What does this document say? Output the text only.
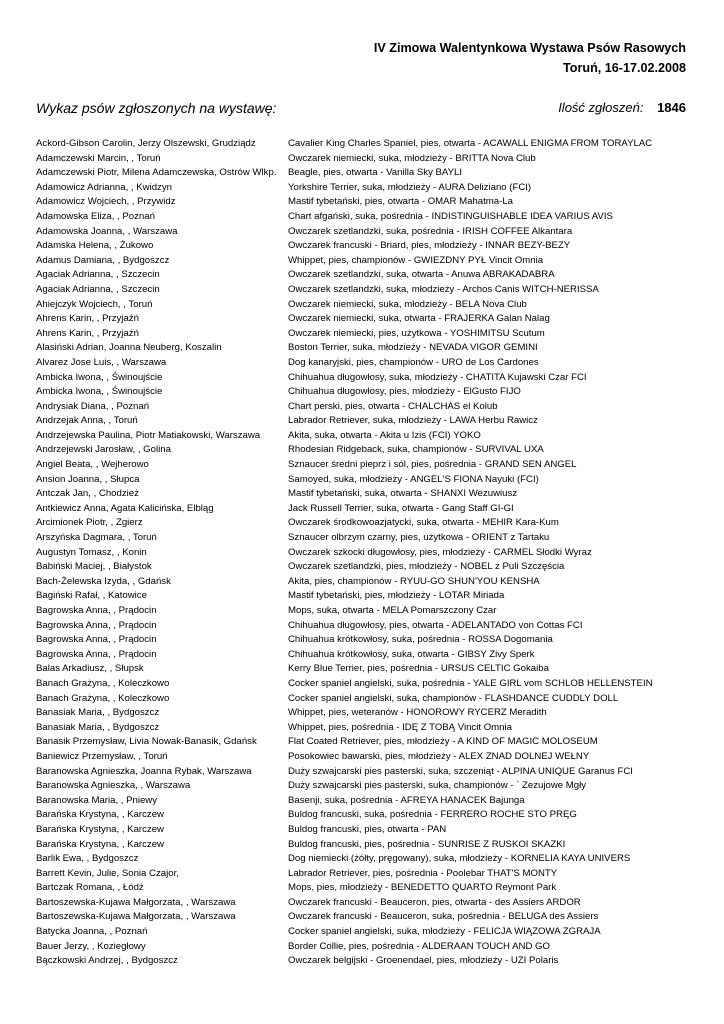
IV Zimowa Walentynkowa Wystawa Psów Rasowych
Toruń, 16-17.02.2008
Wykaz psów zgłoszonych na wystawę:	Ilość zgłoszeń: 1846
Ackord-Gibson Carolin, Jerzy Olszewski, Grudziądz	Cavalier King Charles Spaniel, pies, otwarta - ACAWALL ENIGMA FROM TORAYLAC
Adamczewski Marcin, , Toruń	Owczarek niemiecki, suka, młodzieży - BRITTA Nova Club
Adamczewski Piotr, Milena Adamczewska, Ostrów Wlkp.	Beagle, pies, otwarta - Vanilla Sky BAYLI
Adamowicz Adrianna, , Kwidzyn	Yorkshire Terrier, suka, młodzieży - AURA Deliziano (FCI)
Adamowicz Wojciech, , Przywidz	Mastif tybetański, pies, otwarta - OMAR Mahatma-La
Adamowska Eliza, , Poznań	Chart afgański, suka, pośrednia - INDISTINGUISHABLE IDEA VARIUS AVIS
Adamowska Joanna, , Warszawa	Owczarek szetlandzki, suka, pośrednia - IRISH COFFEE Alkantara
Adamska Helena, , Żukowo	Owczarek francuski - Briard, pies, młodzieży - INNAR BEZY-BEZY
Adamus Damiana, , Bydgoszcz	Whippet, pies, championów - GWIEZDNY PYŁ Vincit Omnia
Agaciak Adrianna, , Szczecin	Owczarek szetlandzki, suka, otwarta - Anuwa ABRAKADABRA
Agaciak Adrianna, , Szczecin	Owczarek szetlandzki, suka, młodzieży - Archos Canis WITCH-NERISSA
Ahiejczyk Wojciech, , Toruń	Owczarek niemiecki, suka, młodzieży - BELA Nova Club
Ahrens Karin, , Przyjaźń	Owczarek niemiecki, suka, otwarta - FRAJERKA Galan Nalag
Ahrens Karin, , Przyjaźń	Owczarek niemiecki, pies, użytkowa - YOSHIMITSU Scutum
Alasiński Adrian, Joanna Neuberg, Koszalin	Boston Terrier, suka, młodzieży - NEVADA VIGOR GEMINI
Alvarez Jose Luis, , Warszawa	Dog kanaryjski, pies, championów - URO de Los Cardones
Ambicka Iwona, , Świnoujście	Chihuahua długowłosy, suka, młodzieży - CHATITA Kujawski Czar FCI
Ambicka Iwona, , Świnoujście	Chihuahua długowłosy, pies, młodzieży - ElGusto FIJO
Andrysiak Diana, , Poznań	Chart perski, pies, otwarta - CHALCHAS el Kolub
Andrzejak Anna, , Toruń	Labrador Retriever, suka, młodzieży - LAWA Herbu Rawicz
Andrzejewska Paulina, Piotr Matiakowski, Warszawa	Akita, suka, otwarta - Akita u Izis (FCI) YOKO
Andrzejewski Jarosław, , Golina	Rhodesian Ridgeback, suka, championów - SURVIVAL UXA
Angiel Beata, , Wejherowo	Sznaucer średni pieprz i sól, pies, pośrednia - GRAND SEN ANGEL
Ansion Joanna, , Słupca	Samoyed, suka, młodzieży - ANGEL'S FIONA Nayuki (FCI)
Antczak Jan, , Chodzież	Mastif tybetański, suka, otwarta - SHANXI Wezuwiusz
Antkiewicz Anna, Agata Kalicińska, Elbląg	Jack Russell Terrier, suka, otwarta - Gang Staff GI-GI
Arcimionek Piotr, , Zgierz	Owczarek środkowoazjatycki, suka, otwarta - MEHIR Kara-Kum
Arszyńska Dagmara, , Toruń	Sznaucer olbrzym czarny, pies, użytkowa - ORIENT z Tartaku
Augustyn Tomasz, , Konin	Owczarek szkocki długowłosy, pies, młodzieży - CARMEL Słodki Wyraz
Babiński Maciej, , Białystok	Owczarek szetlandzki, pies, młodzieży - NOBEL z Puli Szczęścia
Bach-Żelewska Izyda, , Gdańsk	Akita, pies, championów - RYUU-GO SHUN'YOU KENSHA
Bagiński Rafał, , Katowice	Mastif tybetański, pies, młodzieży - LOTAR Miriada
Bagrowska Anna, , Prądocin	Mops, suka, otwarta - MELA Pomarszczony Czar
Bagrowska Anna, , Prądocin	Chihuahua długowłosy, pies, otwarta - ADELANTADO von Cottas FCI
Bagrowska Anna, , Prądocin	Chihuahua krótkowłosy, suka, pośrednia - ROSSA Dogomania
Bagrowska Anna, , Prądocin	Chihuahua krótkowłosy, suka, otwarta - GIBSY Zivy Sperk
Balas Arkadiusz, , Słupsk	Kerry Blue Terrier, pies, pośrednia - URSUS CELTIC Gokaiba
Banach Grażyna, , Koleczkowo	Cocker spaniel angielski, suka, pośrednia - YALE GIRL vom SCHLOB HELLENSTEIN
Banach Grażyna, , Koleczkowo	Cocker spaniel angielski, suka, championów - FLASHDANCE CUDDLY DOLL
Banasiak Maria, , Bydgoszcz	Whippet, pies, weteranów - HONOROWY RYCERZ Meradith
Banasiak Maria, , Bydgoszcz	Whippet, pies, pośrednia - IDĘ Z TOBĄ Vincit Omnia
Banasik Przemysław, Livia Nowak-Banasik, Gdańsk	Flat Coated Retriever, pies, młodzieży - A KIND OF MAGIC MOLOSEUM
Baniewicz Przemysław, , Toruń	Posokowiec bawarski, pies, młodzieży - ALEX ZNAD DOLNEJ WEŁNY
Baranowska Agnieszka, Joanna Rybak, Warszawa	Duży szwajcarski pies pasterski, suka, szczeniąt - ALPINA UNIQUE Garanus FCI
Baranowska Agnieszka, , Warszawa	Duży szwajcarski pies pasterski, suka, championów - ` Zezujowe Mgły
Baranowska Maria, , Pniewy	Basenji, suka, pośrednia - AFREYA HANACEK Bajunga
Barańska Krystyna, , Karczew	Buldog francuski, suka, pośrednia - FERRERO ROCHE STO PRĘG
Barańska Krystyna, , Karczew	Buldog francuski, pies, otwarta - PAN
Barańska Krystyna, , Karczew	Buldog francuski, pies, pośrednia - SUNRISE Z RUSKOI SKAZKI
Barlik Ewa, , Bydgoszcz	Dog niemiecki (żółty, pręgowany), suka, młodzieży - KORNELIA KAYA UNIVERS
Barrett Kevin, Julie, Sonia Czajor,	Labrador Retriever, pies, pośrednia - Poolebar THAT'S MONTY
Bartczak Romana, , Łódź	Mops, pies, młodzieży - BENEDETTO QUARTO Reymont Park
Bartoszewska-Kujawa Małgorzata, , Warszawa	Owczarek francuski - Beauceron, pies, otwarta - des Assiers ARDOR
Bartoszewska-Kujawa Małgorzata, , Warszawa	Owczarek francuski - Beauceron, suka, pośrednia - BELUGA des Assiers
Batycka Joanna, , Poznań	Cocker spaniel angielski, suka, młodzieży - FELICJA WIĄZOWA ZGRAJA
Bauer Jerzy, , Koziegłowy	Border Collie, pies, pośrednia - ALDERAAN TOUCH AND GO
Bączkowski Andrzej, , Bydgoszcz	Owczarek belgijski - Groenendael, pies, młodzieży - UZI Polaris
